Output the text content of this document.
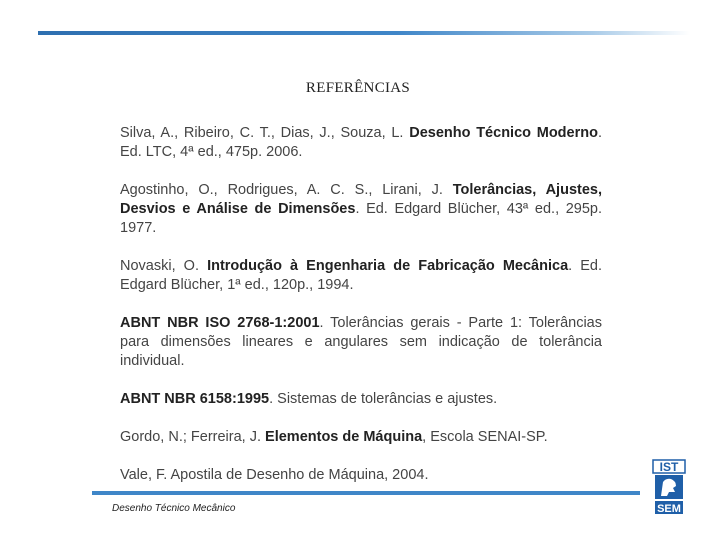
REFERÊNCIAS

Silva, A., Ribeiro, C. T., Dias, J., Souza, L. Desenho Técnico Moderno. Ed. LTC, 4ª ed., 475p. 2006.

Agostinho, O., Rodrigues, A. C. S., Lirani, J. Tolerâncias, Ajustes, Desvios e Análise de Dimensões. Ed. Edgard Blücher, 43ª ed., 295p. 1977.

Novaski, O. Introdução à Engenharia de Fabricação Mecânica. Ed. Edgard Blücher, 1ª ed., 120p., 1994.

ABNT NBR ISO 2768-1:2001. Tolerâncias gerais - Parte 1: Tolerâncias para dimensões lineares e angulares sem indicação de tolerância individual.

ABNT NBR 6158:1995. Sistemas de tolerâncias e ajustes.

Gordo, N.; Ferreira, J. Elementos de Máquina, Escola SENAI-SP.

Vale, F. Apostila de Desenho de Máquina, 2004.

Desenho Técnico Mecânico
IST
SEM
